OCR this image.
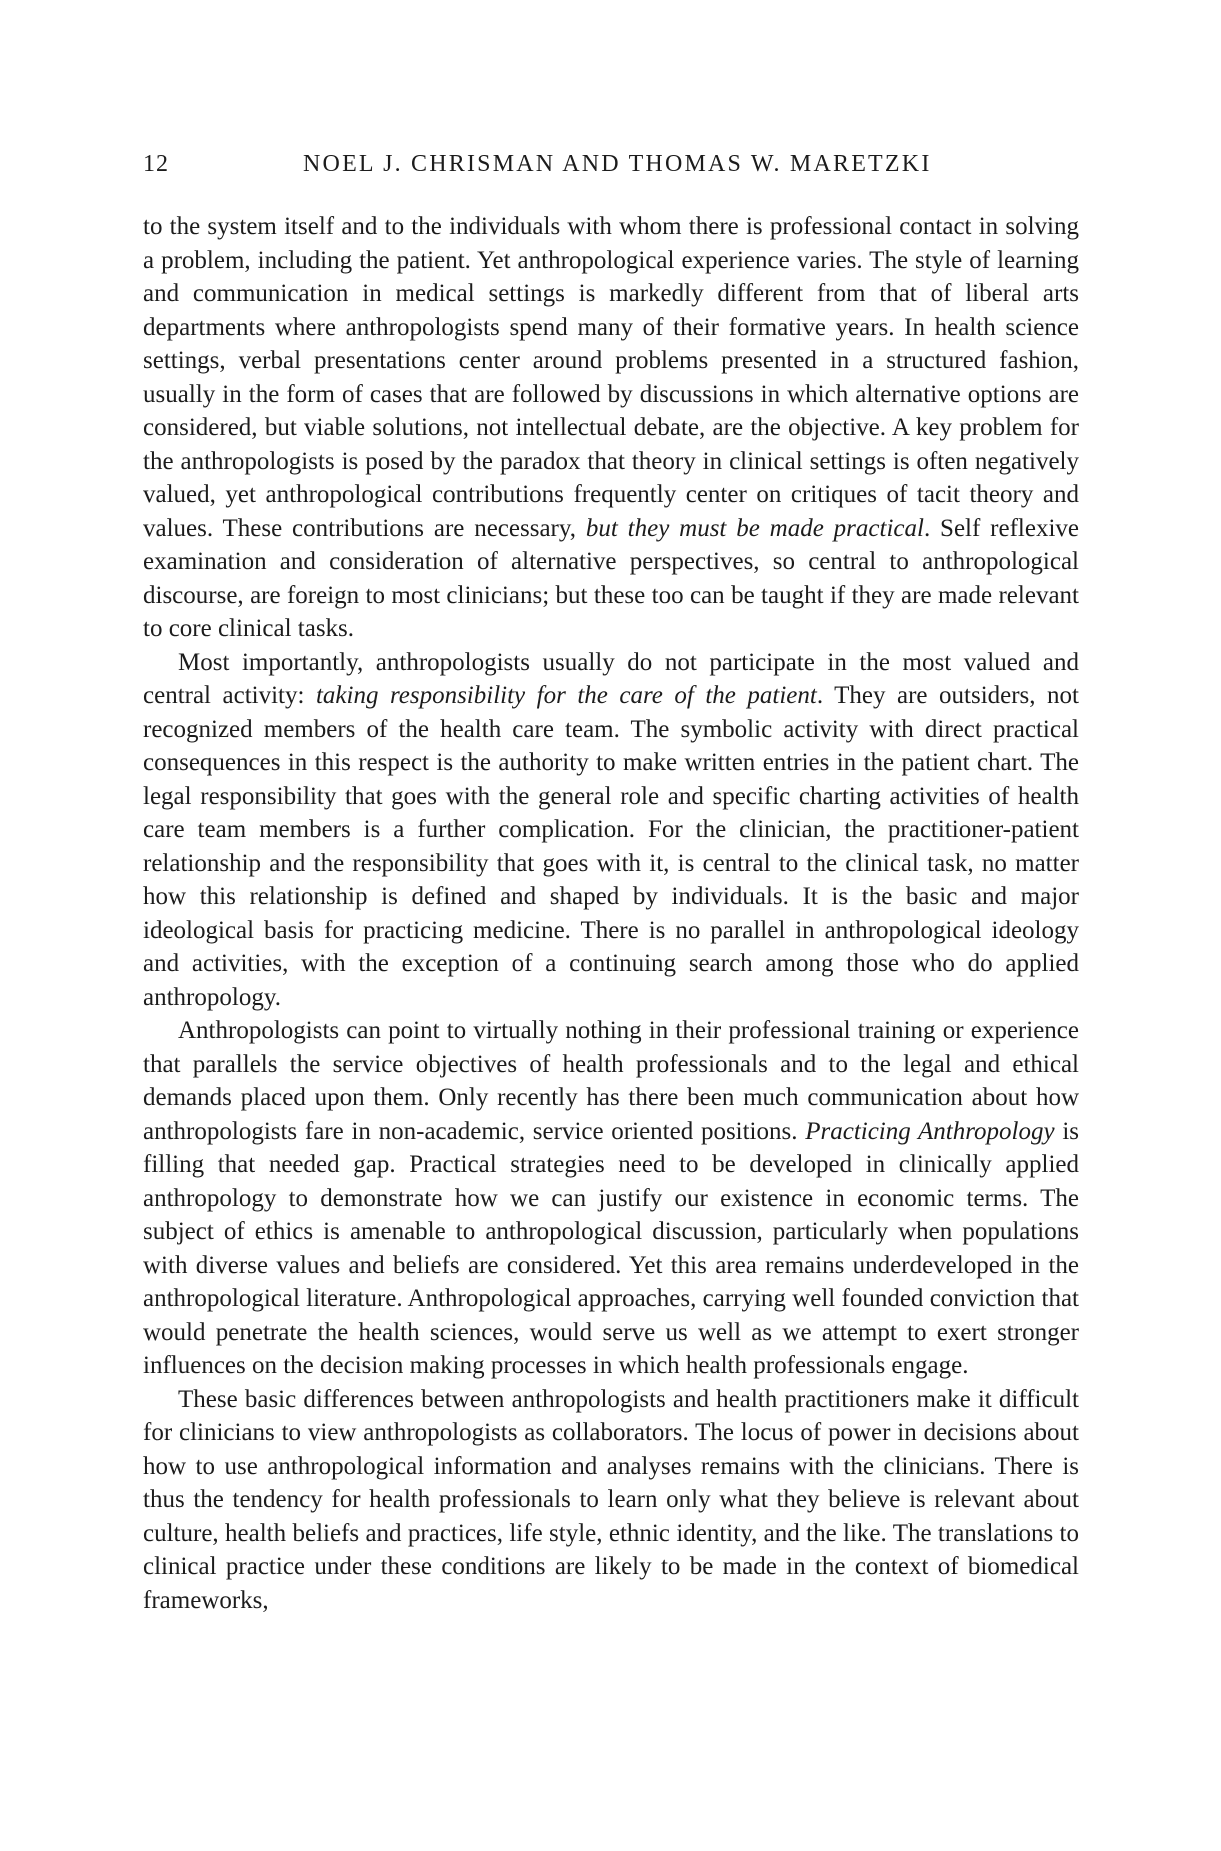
12	NOEL J. CHRISMAN AND THOMAS W. MARETZKI

to the system itself and to the individuals with whom there is professional contact in solving a problem, including the patient. Yet anthropological experience varies. The style of learning and communication in medical settings is markedly different from that of liberal arts departments where anthropologists spend many of their formative years. In health science settings, verbal presentations center around problems presented in a structured fashion, usually in the form of cases that are followed by discussions in which alternative options are considered, but viable solutions, not intellectual debate, are the objective. A key problem for the anthropologists is posed by the paradox that theory in clinical settings is often negatively valued, yet anthropological contributions frequently center on critiques of tacit theory and values. These contributions are necessary, but they must be made practical. Self reflexive examination and consideration of alternative perspectives, so central to anthropological discourse, are foreign to most clinicians; but these too can be taught if they are made relevant to core clinical tasks.

Most importantly, anthropologists usually do not participate in the most valued and central activity: taking responsibility for the care of the patient. They are outsiders, not recognized members of the health care team. The symbolic activity with direct practical consequences in this respect is the authority to make written entries in the patient chart. The legal responsibility that goes with the general role and specific charting activities of health care team members is a further complication. For the clinician, the practitioner-patient relationship and the responsibility that goes with it, is central to the clinical task, no matter how this relationship is defined and shaped by individuals. It is the basic and major ideological basis for practicing medicine. There is no parallel in anthropological ideology and activities, with the exception of a continuing search among those who do applied anthropology.

Anthropologists can point to virtually nothing in their professional training or experience that parallels the service objectives of health professionals and to the legal and ethical demands placed upon them. Only recently has there been much communication about how anthropologists fare in non-academic, service oriented positions. Practicing Anthropology is filling that needed gap. Practical strategies need to be developed in clinically applied anthropology to demonstrate how we can justify our existence in economic terms. The subject of ethics is amenable to anthropological discussion, particularly when populations with diverse values and beliefs are considered. Yet this area remains underdeveloped in the anthropological literature. Anthropological approaches, carrying well founded conviction that would penetrate the health sciences, would serve us well as we attempt to exert stronger influences on the decision making processes in which health professionals engage.

These basic differences between anthropologists and health practitioners make it difficult for clinicians to view anthropologists as collaborators. The locus of power in decisions about how to use anthropological information and analyses remains with the clinicians. There is thus the tendency for health professionals to learn only what they believe is relevant about culture, health beliefs and practices, life style, ethnic identity, and the like. The translations to clinical practice under these conditions are likely to be made in the context of biomedical frameworks,
